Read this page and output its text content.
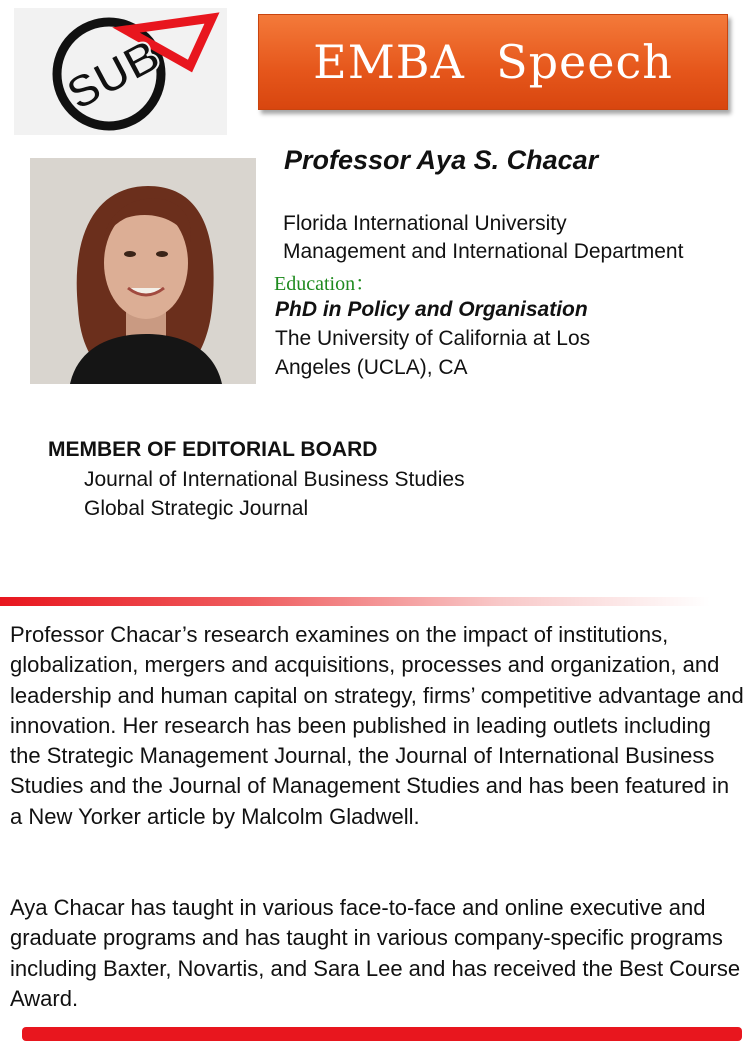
SUB	EMBA  Speech
Professor Aya S. Chacar
Florida International University
Management and International Department
Education：
PhD in Policy and Organisation
The University of California at Los
Angeles (UCLA), CA
MEMBER OF EDITORIAL BOARD
Journal of International Business Studies
Global Strategic Journal

Professor Chacar’s research examines on the impact of institutions, globalization, mergers and acquisitions, processes and organization, and leadership and human capital on strategy, firms’ competitive advantage and innovation. Her research has been published in leading outlets including the Strategic Management Journal, the Journal of International Business Studies and the Journal of Management Studies and has been featured in a New Yorker article by Malcolm Gladwell.

Aya Chacar has taught in various face-to-face and online executive and graduate programs and has taught in various company-specific programs including Baxter, Novartis, and Sara Lee and has received the Best Course Award.
